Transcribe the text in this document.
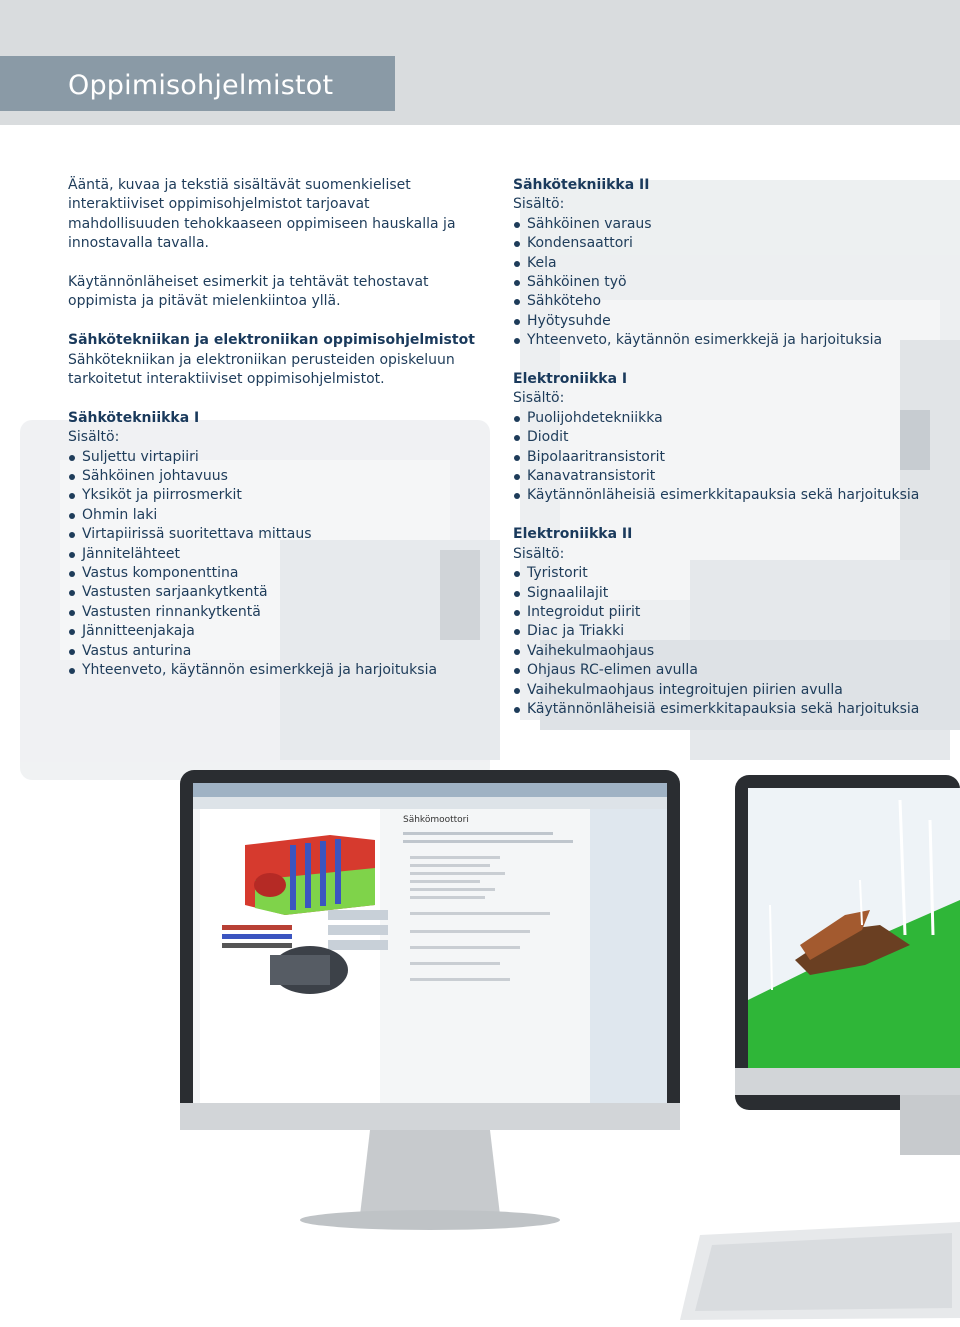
Oppimisohjelmistot
Sähkömoottori

Ääntä, kuvaa ja tekstiä sisältävät suomenkieliset interaktiiviset oppimisohjelmistot tarjoavat mahdollisuuden tehokkaaseen oppimiseen hauskalla ja innostavalla tavalla.

Käytännönläheiset esimerkit ja tehtävät tehostavat oppimista ja pitävät mielenkiintoa yllä.

Sähkötekniikan ja elektroniikan oppimisohjelmistot

Sähkötekniikan ja elektroniikan perusteiden opiskeluun tarkoitetut interaktiiviset oppimisohjelmistot.

Sähkötekniikka I

Sisältö:

Suljettu virtapiiri
Sähköinen johtavuus
Yksiköt ja piirrosmerkit
Ohmin laki
Virtapiirissä suoritettava mittaus
Jännitelähteet
Vastus komponenttina
Vastusten sarjaankytkentä
Vastusten rinnankytkentä
Jännitteenjakaja
Vastus anturina
Yhteenveto, käytännön esimerkkejä ja harjoituksia

Sähkötekniikka II

Sisältö:

Sähköinen varaus
Kondensaattori
Kela
Sähköinen työ
Sähköteho
Hyötysuhde
Yhteenveto, käytännön esimerkkejä ja harjoituksia

Elektroniikka I

Sisältö:

Puolijohdetekniikka
Diodit
Bipolaaritransistorit
Kanavatransistorit
Käytännönläheisiä esimerkkitapauksia sekä harjoituksia

Elektroniikka II

Sisältö:

Tyristorit
Signaalilajit
Integroidut piirit
Diac ja Triakki
Vaihekulmaohjaus
Ohjaus RC-elimen avulla
Vaihekulmaohjaus integroitujen piirien avulla
Käytännönläheisiä esimerkkitapauksia sekä harjoituksia
